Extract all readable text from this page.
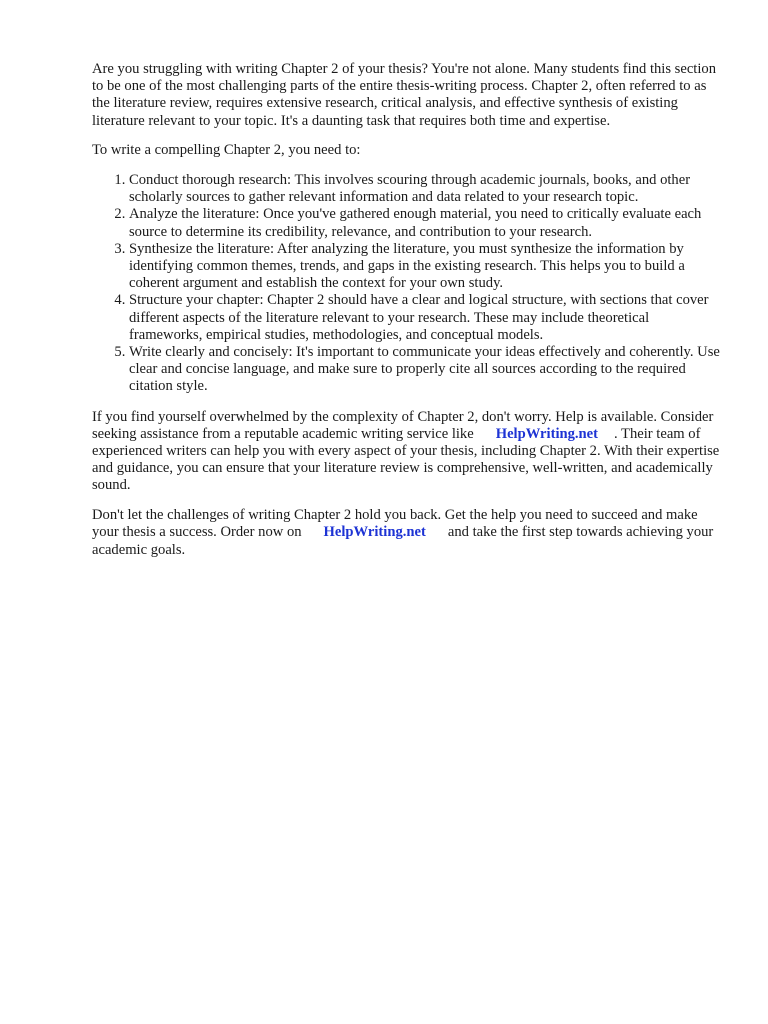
Are you struggling with writing Chapter 2 of your thesis? You're not alone. Many students find this section to be one of the most challenging parts of the entire thesis-writing process. Chapter 2, often referred to as the literature review, requires extensive research, critical analysis, and effective synthesis of existing literature relevant to your topic. It's a daunting task that requires both time and expertise.

To write a compelling Chapter 2, you need to:

1. Conduct thorough research: This involves scouring through academic journals, books, and other scholarly sources to gather relevant information and data related to your research topic.
2. Analyze the literature: Once you've gathered enough material, you need to critically evaluate each source to determine its credibility, relevance, and contribution to your research.
3. Synthesize the literature: After analyzing the literature, you must synthesize the information by identifying common themes, trends, and gaps in the existing research. This helps you to build a coherent argument and establish the context for your own study.
4. Structure your chapter: Chapter 2 should have a clear and logical structure, with sections that cover different aspects of the literature relevant to your research. These may include theoretical frameworks, empirical studies, methodologies, and conceptual models.
5. Write clearly and concisely: It's important to communicate your ideas effectively and coherently. Use clear and concise language, and make sure to properly cite all sources according to the required citation style.

If you find yourself overwhelmed by the complexity of Chapter 2, don't worry. Help is available. Consider seeking assistance from a reputable academic writing service like HelpWriting.net . Their team of experienced writers can help you with every aspect of your thesis, including Chapter 2. With their expertise and guidance, you can ensure that your literature review is comprehensive, well-written, and academically sound.

Don't let the challenges of writing Chapter 2 hold you back. Get the help you need to succeed and make your thesis a success. Order now on HelpWriting.net and take the first step towards achieving your academic goals.
